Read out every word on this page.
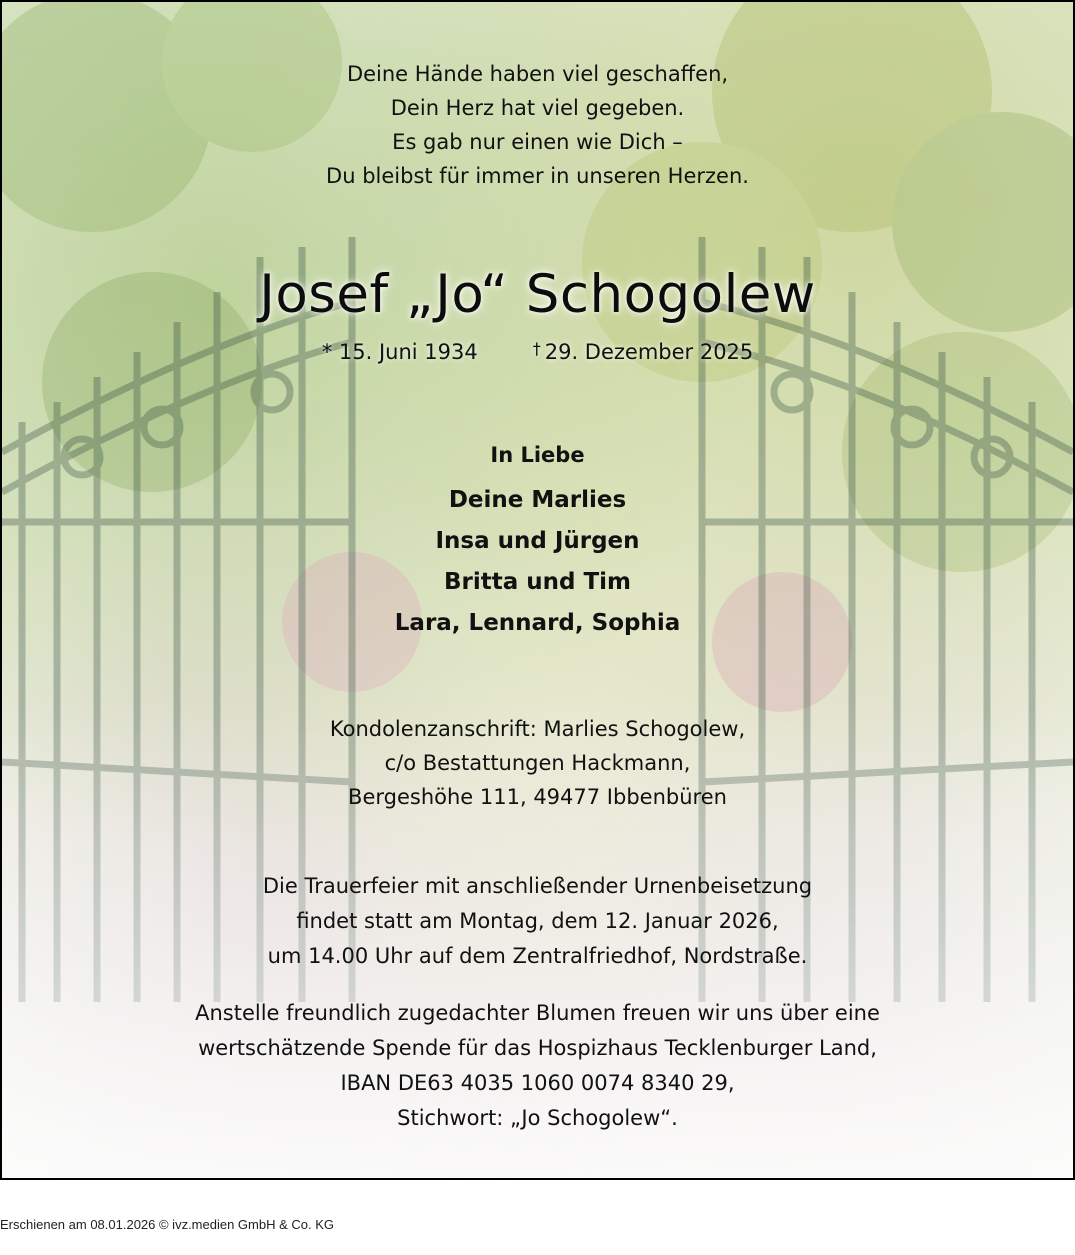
Deine Hände haben viel geschaffen,
Dein Herz hat viel gegeben.
Es gab nur einen wie Dich –
Du bleibst für immer in unseren Herzen.
Josef „Jo“ Schogolew
* 15. Juni 1934	† 29. Dezember 2025
In Liebe
Deine Marlies
Insa und Jürgen
Britta und Tim
Lara, Lennard, Sophia
Kondolenzanschrift: Marlies Schogolew,
c/o Bestattungen Hackmann,
Bergeshöhe 111, 49477 Ibbenbüren
Die Trauerfeier mit anschließender Urnenbeisetzung
findet statt am Montag, dem 12. Januar 2026,
um 14.00 Uhr auf dem Zentralfriedhof, Nordstraße.
Anstelle freundlich zugedachter Blumen freuen wir uns über eine
wertschätzende Spende für das Hospizhaus Tecklenburger Land,
IBAN DE63 4035 1060 0074 8340 29,
Stichwort: „Jo Schogolew“.
Erschienen am 08.01.2026 © ivz.medien GmbH & Co. KG
